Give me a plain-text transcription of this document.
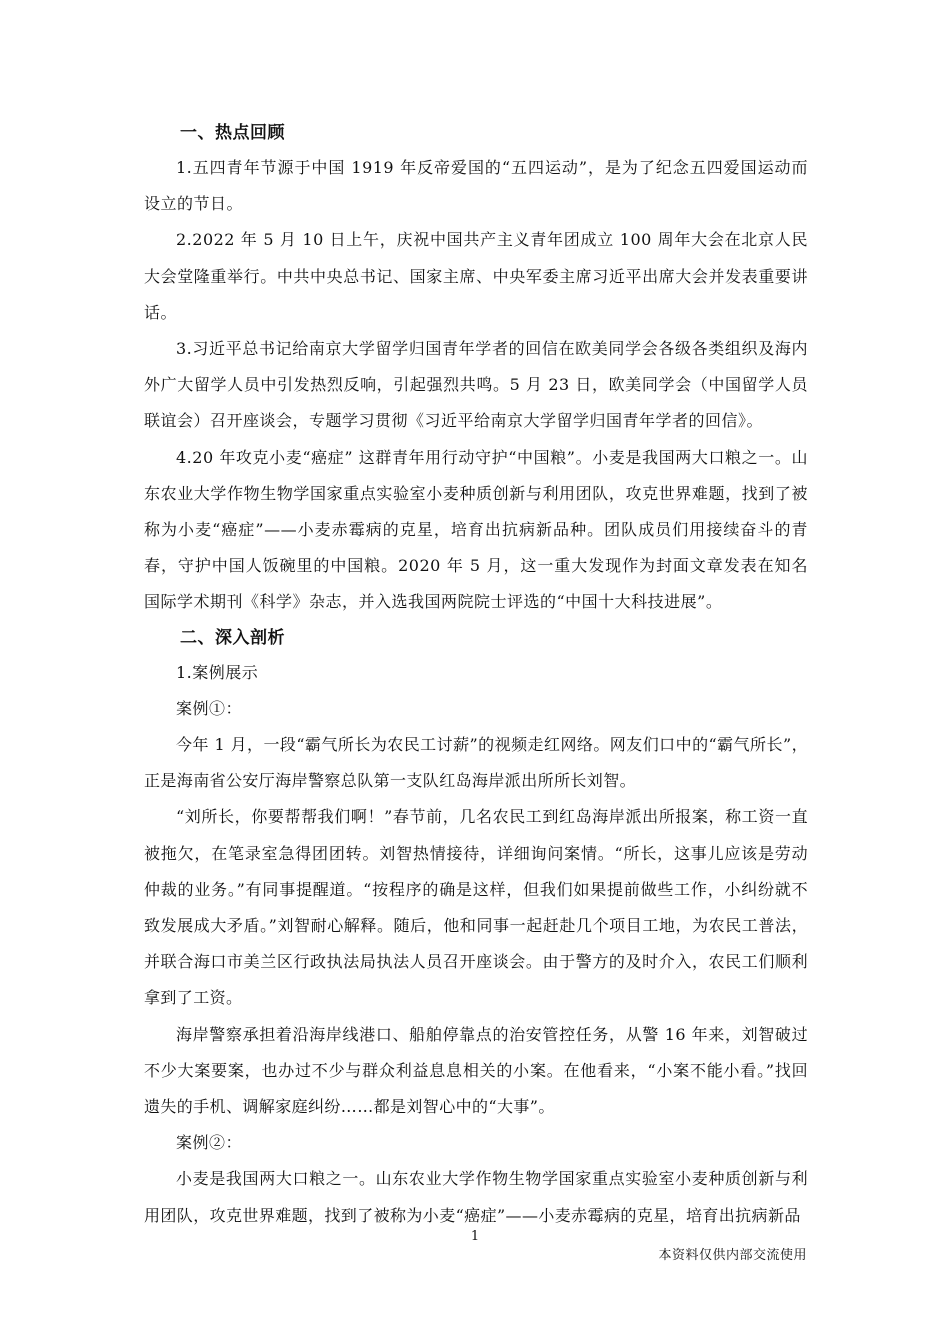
一、热点回顾

1.五四青年节源于中国 1919 年反帝爱国的“五四运动”，是为了纪念五四爱国运动而设立的节日。

2.2022 年 5 月 10 日上午，庆祝中国共产主义青年团成立 100 周年大会在北京人民大会堂隆重举行。中共中央总书记、国家主席、中央军委主席习近平出席大会并发表重要讲话。

3.习近平总书记给南京大学留学归国青年学者的回信在欧美同学会各级各类组织及海内外广大留学人员中引发热烈反响，引起强烈共鸣。5 月 23 日，欧美同学会（中国留学人员联谊会）召开座谈会，专题学习贯彻《习近平给南京大学留学归国青年学者的回信》。

4.20 年攻克小麦“癌症” 这群青年用行动守护“中国粮”。小麦是我国两大口粮之一。山东农业大学作物生物学国家重点实验室小麦种质创新与利用团队，攻克世界难题，找到了被称为小麦“癌症”——小麦赤霉病的克星，培育出抗病新品种。团队成员们用接续奋斗的青春，守护中国人饭碗里的中国粮。2020 年 5 月，这一重大发现作为封面文章发表在知名国际学术期刊《科学》杂志，并入选我国两院院士评选的“中国十大科技进展”。

二、深入剖析

1.案例展示

案例①：

今年 1 月，一段“霸气所长为农民工讨薪”的视频走红网络。网友们口中的“霸气所长”，正是海南省公安厅海岸警察总队第一支队红岛海岸派出所所长刘智。

“刘所长，你要帮帮我们啊！”春节前，几名农民工到红岛海岸派出所报案，称工资一直被拖欠，在笔录室急得团团转。刘智热情接待，详细询问案情。“所长，这事儿应该是劳动仲裁的业务。”有同事提醒道。“按程序的确是这样，但我们如果提前做些工作，小纠纷就不致发展成大矛盾。”刘智耐心解释。随后，他和同事一起赶赴几个项目工地，为农民工普法，并联合海口市美兰区行政执法局执法人员召开座谈会。由于警方的及时介入，农民工们顺利拿到了工资。

海岸警察承担着沿海岸线港口、船舶停靠点的治安管控任务，从警 16 年来，刘智破过不少大案要案，也办过不少与群众利益息息相关的小案。在他看来，“小案不能小看。”找回遗失的手机、调解家庭纠纷……都是刘智心中的“大事”。

案例②：

小麦是我国两大口粮之一。山东农业大学作物生物学国家重点实验室小麦种质创新与利用团队，攻克世界难题，找到了被称为小麦“癌症”——小麦赤霉病的克星，培育出抗病新品

1
本资料仅供内部交流使用
